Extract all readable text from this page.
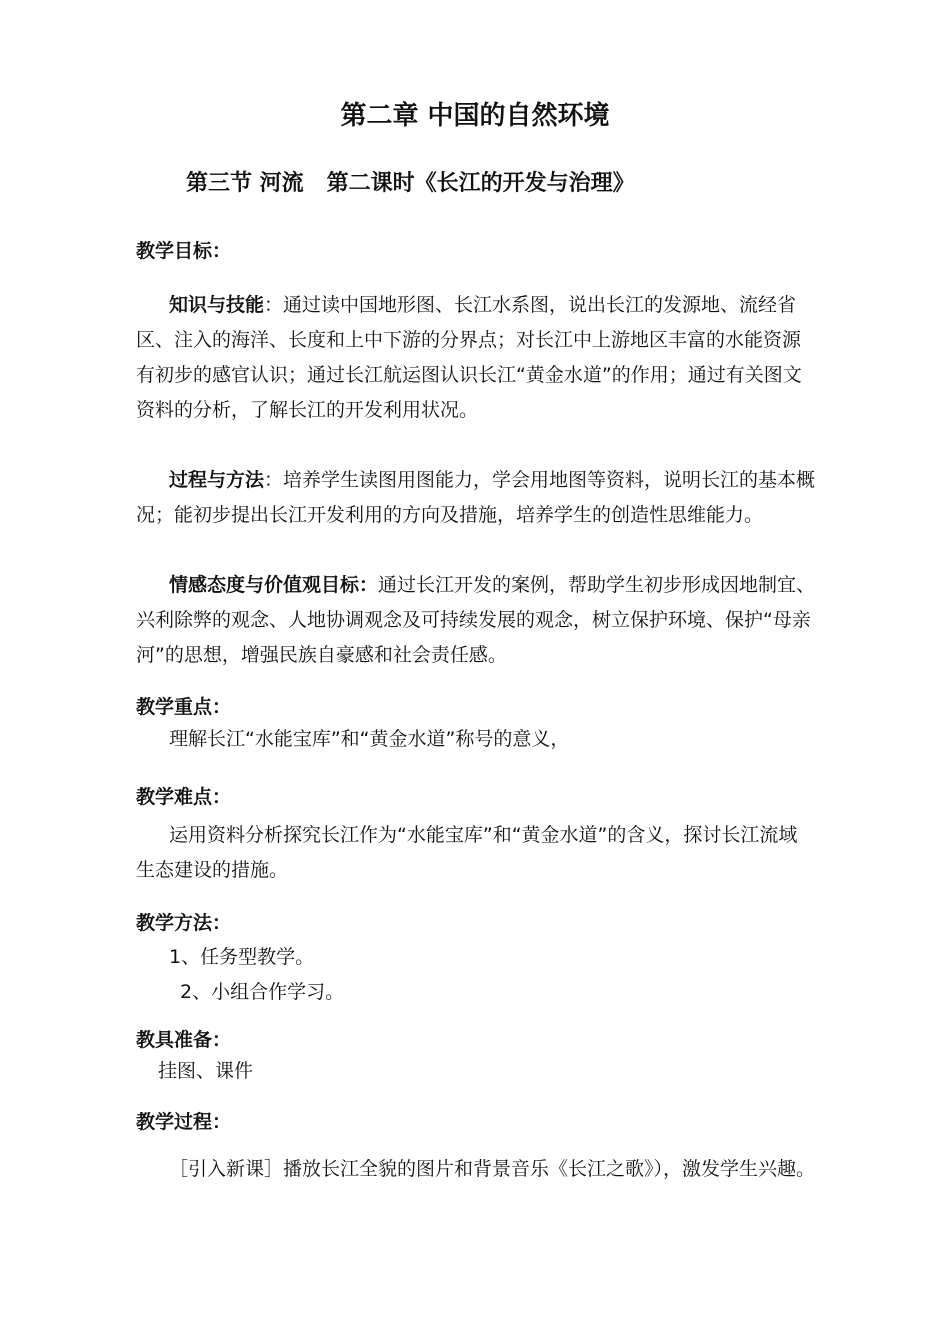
第二章 中国的自然环境
第三节 河流   第二课时《长江的开发与治理》
教学目标：
知识与技能：通过读中国地形图、长江水系图，说出长江的发源地、流经省区、注入的海洋、长度和上中下游的分界点；对长江中上游地区丰富的水能资源有初步的感官认识；通过长江航运图认识长江“黄金水道”的作用；通过有关图文资料的分析，了解长江的开发利用状况。
过程与方法：培养学生读图用图能力，学会用地图等资料，说明长江的基本概况；能初步提出长江开发利用的方向及措施，培养学生的创造性思维能力。
情感态度与价值观目标：通过长江开发的案例，帮助学生初步形成因地制宜、兴利除弊的观念、人地协调观念及可持续发展的观念，树立保护环境、保护“母亲河”的思想，增强民族自豪感和社会责任感。
教学重点：
理解长江“水能宝库”和“黄金水道”称号的意义，
教学难点：
运用资料分析探究长江作为“水能宝库”和“黄金水道”的含义，探讨长江流域生态建设的措施。
教学方法：
1、任务型教学。
2、小组合作学习。
教具准备：
挂图、课件
教学过程：
［引入新课］播放长江全貌的图片和背景音乐《长江之歌》），激发学生兴趣。
